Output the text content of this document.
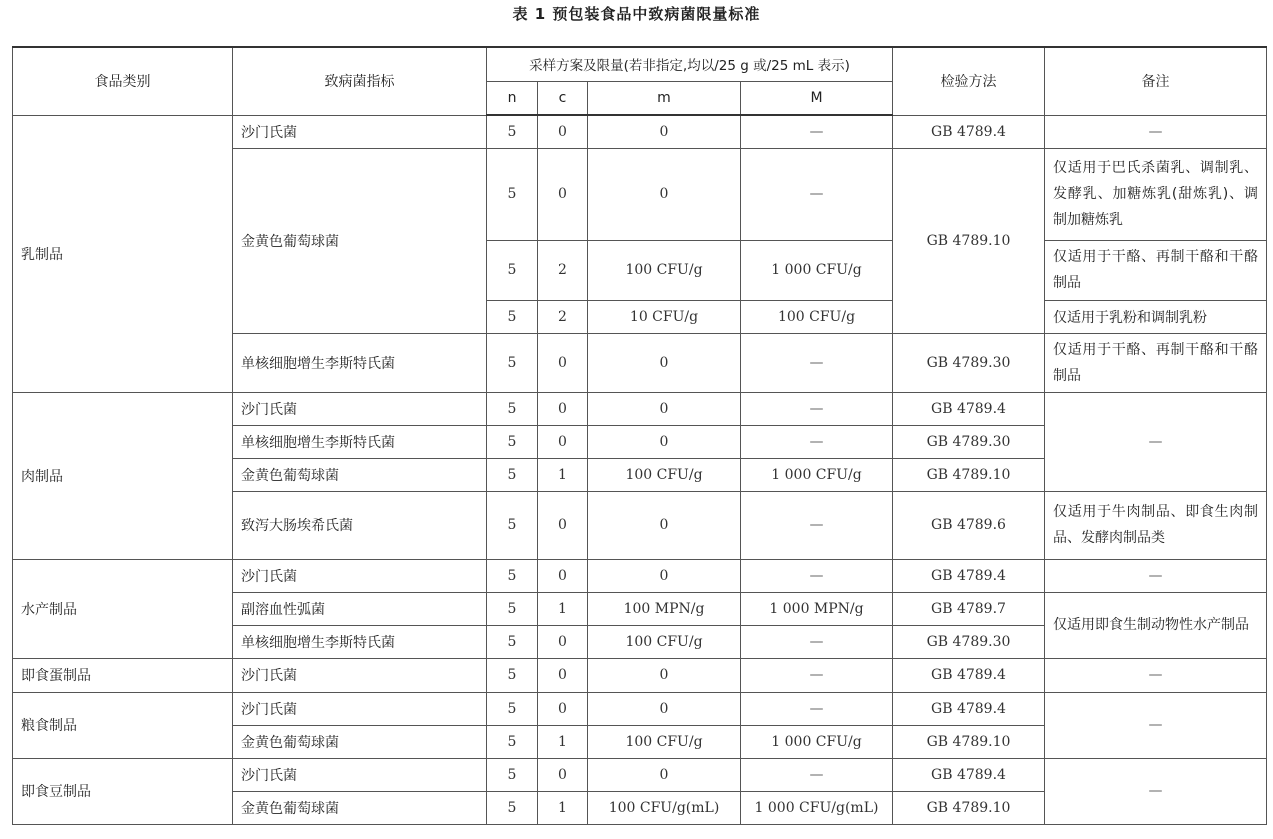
表 1 预包装食品中致病菌限量标准
食品类别	致病菌指标	采样方案及限量(若非指定,均以/25 g 或/25 mL 表示)				检验方法	备注
		n	c	m	M		
乳制品	沙门氏菌	5	0	0	—	GB 4789.4	—
	金黄色葡萄球菌	5	0	0	—	GB 4789.10	仅适用于巴氏杀菌乳、调制乳、发酵乳、加糖炼乳(甜炼乳)、调制加糖炼乳
		5	2	100 CFU/g	1 000 CFU/g		仅适用于干酪、再制干酪和干酪制品
		5	2	10 CFU/g	100 CFU/g		仅适用于乳粉和调制乳粉
	单核细胞增生李斯特氏菌	5	0	0	—	GB 4789.30	仅适用于干酪、再制干酪和干酪制品
肉制品	沙门氏菌	5	0	0	—	GB 4789.4	—
	单核细胞增生李斯特氏菌	5	0	0	—	GB 4789.30	
	金黄色葡萄球菌	5	1	100 CFU/g	1 000 CFU/g	GB 4789.10	
	致泻大肠埃希氏菌	5	0	0	—	GB 4789.6	仅适用于牛肉制品、即食生肉制品、发酵肉制品类
水产制品	沙门氏菌	5	0	0	—	GB 4789.4	—
	副溶血性弧菌	5	1	100 MPN/g	1 000 MPN/g	GB 4789.7	仅适用即食生制动物性水产制品
	单核细胞增生李斯特氏菌	5	0	100 CFU/g	—	GB 4789.30	
即食蛋制品	沙门氏菌	5	0	0	—	GB 4789.4	—
粮食制品	沙门氏菌	5	0	0	—	GB 4789.4	—
	金黄色葡萄球菌	5	1	100 CFU/g	1 000 CFU/g	GB 4789.10	
即食豆制品	沙门氏菌	5	0	0	—	GB 4789.4	—
	金黄色葡萄球菌	5	1	100 CFU/g(mL)	1 000 CFU/g(mL)	GB 4789.10	
